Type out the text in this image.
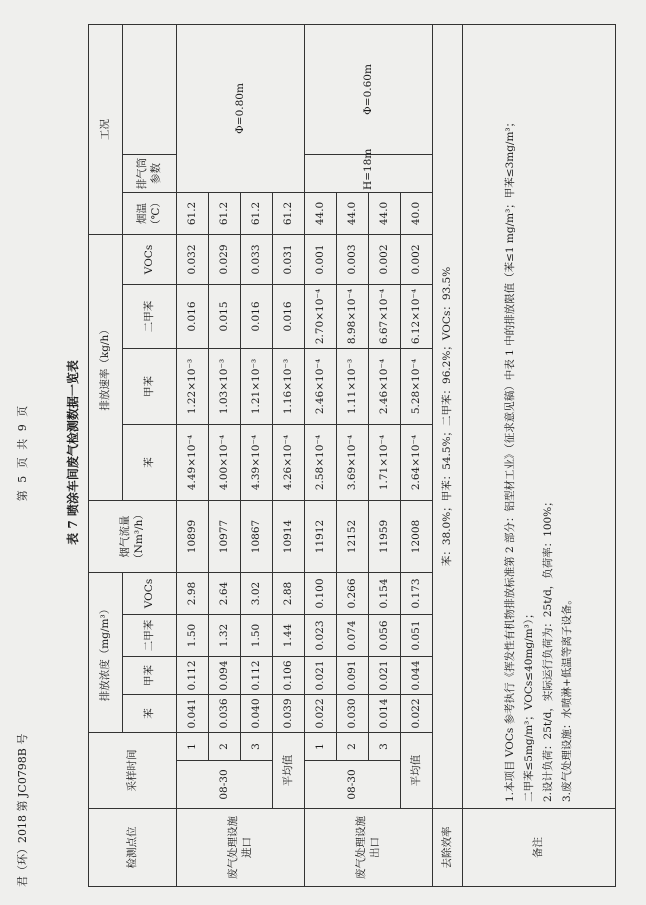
君（环）2018 第 JC0798B 号
第 5 页 共 9 页	表 7 喷涂车间废气检测数据一览表
检测点位	采样时间		排放浓度（mg/m³）				烟气流量（Nm³/h）	排放速率（kg/h）				工况		
			苯	甲苯	二甲苯	VOCs		苯	甲苯	二甲苯	VOCs	烟温（℃）	排气筒参数	
废气处理设施进口	08-30	1	0.041	0.112	1.50	2.98	10899	4.49×10⁻⁴	1.22×10⁻³	0.016	0.032	61.2	Φ=0.80m	
		2	0.036	0.094	1.32	2.64	10977	4.00×10⁻⁴	1.03×10⁻³	0.015	0.029	61.2		
		3	0.040	0.112	1.50	3.02	10867	4.39×10⁻⁴	1.21×10⁻³	0.016	0.033	61.2		
	平均值		0.039	0.106	1.44	2.88	10914	4.26×10⁻⁴	1.16×10⁻³	0.016	0.031	61.2		
废气处理设施出口	08-30	1	0.022	0.021	0.023	0.100	11912	2.58×10⁻⁴	2.46×10⁻⁴	2.70×10⁻⁴	0.001	44.0	H=18m	Φ=0.60m
		2	0.030	0.091	0.074	0.266	12152	3.69×10⁻⁴	1.11×10⁻³	8.98×10⁻⁴	0.003	44.0		
		3	0.014	0.021	0.056	0.154	11959	1.71×10⁻⁴	2.46×10⁻⁴	6.67×10⁻⁴	0.002	44.0		
	平均值		0.022	0.044	0.051	0.173	12008	2.64×10⁻⁴	5.28×10⁻⁴	6.12×10⁻⁴	0.002	40.0		
去除效率	苯：38.0%；甲苯：54.5%；二甲苯：96.2%；VOCs：93.5%													
备注	1.本项目 VOCs 参考执行《挥发性有机物排放标准第 2 部分：铝型材工业》（征求意见稿）中表 1 中的排放限值（苯≤1 mg/m³；甲苯≤3mg/m³； 二甲苯≤5mg/m³；VOCs≤40mg/m³）； 2.设计负荷：25t/d，实际运行负荷为：25t/d，负荷率：100%； 3.废气处理设施：水喷淋+低温等离子设备。													
